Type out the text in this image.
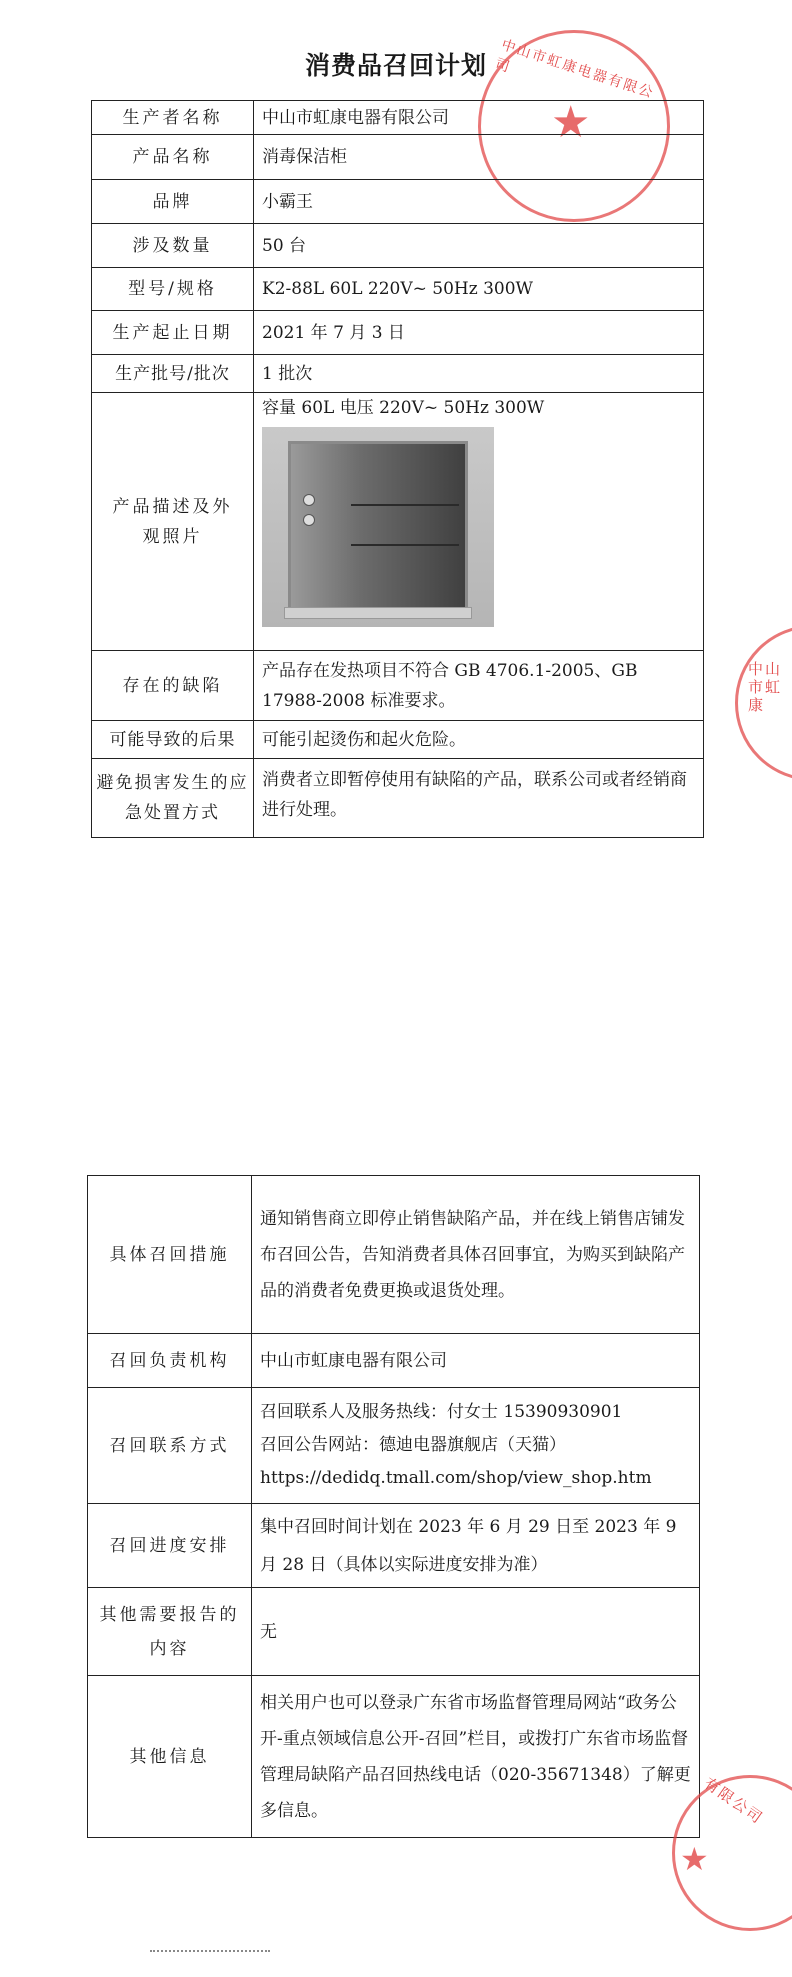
消费品召回计划
★
中山市虹康电器有限公司
中山市虹康
生产者名称	中山市虹康电器有限公司
产品名称	消毒保洁柜
品牌	小霸王
涉及数量	50 台
型号/规格	K2-88L 60L 220V~ 50Hz 300W
生产起止日期	2021 年 7 月 3 日
生产批号/批次	1 批次
产品描述及外观照片	容量 60L 电压 220V~ 50Hz 300W

存在的缺陷	产品存在发热项目不符合 GB 4706.1-2005、GB 17988-2008 标准要求。
可能导致的后果	可能引起烫伤和起火危险。
避免损害发生的应急处置方式	消费者立即暂停使用有缺陷的产品，联系公司或者经销商进行处理。
具体召回措施	通知销售商立即停止销售缺陷产品，并在线上销售店铺发布召回公告，告知消费者具体召回事宜，为购买到缺陷产品的消费者免费更换或退货处理。
召回负责机构	中山市虹康电器有限公司
召回联系方式	召回联系人及服务热线：付女士 15390930901
召回公告网站：德迪电器旗舰店（天猫）
https://dedidq.tmall.com/shop/view_shop.htm

召回进度安排	集中召回时间计划在 2023 年 6 月 29 日至 2023 年 9 月 28 日（具体以实际进度安排为准）
其他需要报告的内容	无
其他信息	相关用户也可以登录广东省市场监督管理局网站“政务公开-重点领域信息公开-召回”栏目，或拨打广东省市场监督管理局缺陷产品召回热线电话（020-35671348）了解更多信息。	有限公司
★
